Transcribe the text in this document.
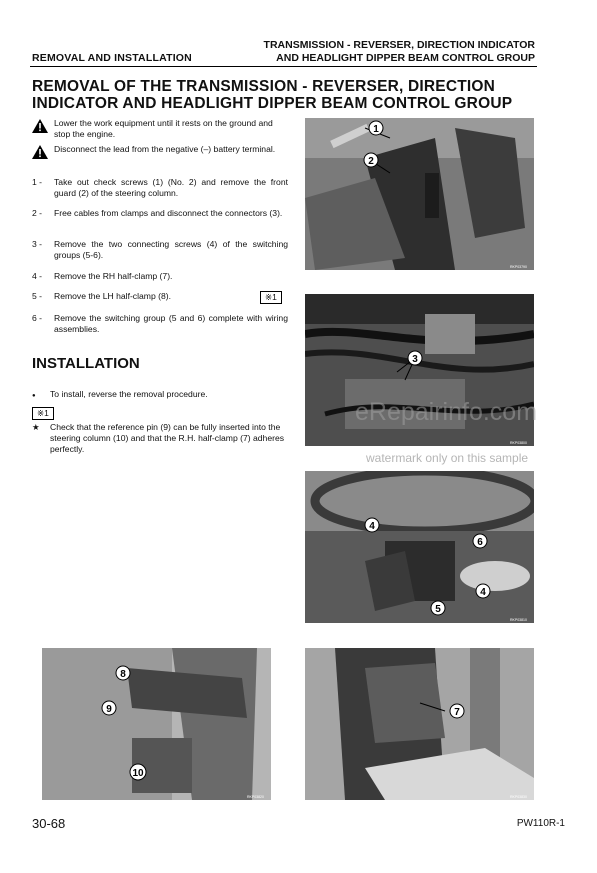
REMOVAL AND INSTALLATION
TRANSMISSION - REVERSER, DIRECTION INDICATOR
AND HEADLIGHT DIPPER BEAM CONTROL GROUP
REMOVAL OF THE TRANSMISSION - REVERSER, DIRECTION
INDICATOR AND HEADLIGHT DIPPER BEAM CONTROL GROUP
Lower the work equipment until it rests on the ground and stop the engine.
Disconnect the lead from the negative (–) battery terminal.
1 - Take out check screws (1) (No. 2) and remove the front guard (2) of the steering column.
2 - Free cables from clamps and disconnect the connectors (3).
3 - Remove the two connecting screws (4) of the switching groups (5-6).
4 - Remove the RH half-clamp (7).
5 - Remove the LH half-clamp (8).	※1
6 - Remove the switching group (5 and 6) complete with wiring assemblies.
INSTALLATION
● To install, reverse the removal procedure.
※1
★ Check that the reference pin (9) can be fully inserted into the steering column (10) and that the R.H. half-clamp (7) adheres perfectly.
1
2
RKP03790
3
RKP03800
4
6
4
5
RKP03810
8
9
10
RKP03820
7
RKP03830
eRepairinfo.com
watermark only on this sample
30-68	PW110R-1
